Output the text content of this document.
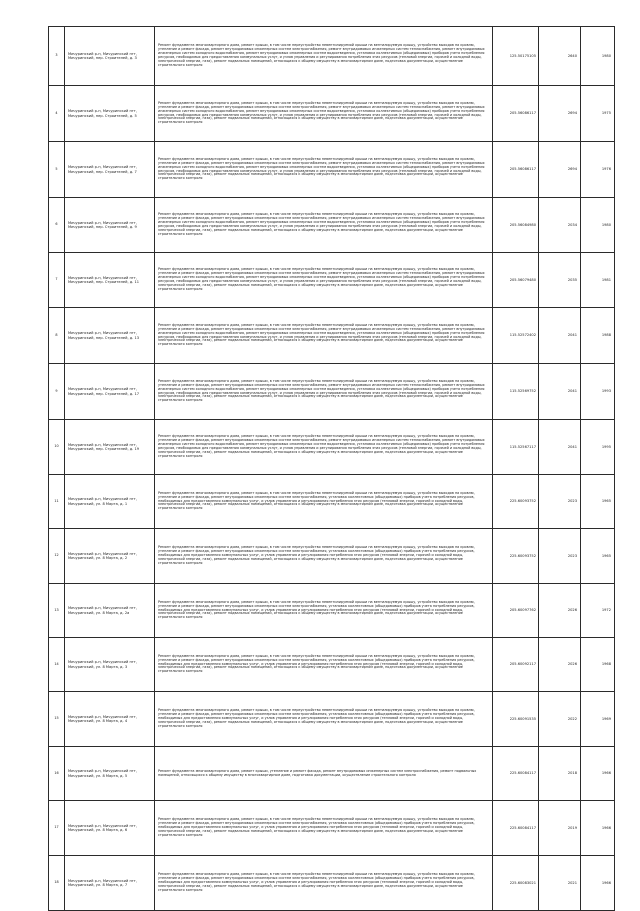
3	Мичуринский р-н, Мичуринский пгт, Мичуринский, пер. Строителей, д. 3	Ремонт фундамента многоквартирного дома, ремонт крыши, в том числе переустройство невентилируемой крыши на вентилируемую крышу, устройство выходов на кровлю, утепление и ремонт фасада, ремонт внутридомовых инженерных систем электроснабжения, ремонт внутридомовых инженерных систем теплоснабжения, ремонт внутридомовых инженерных систем холодного водоснабжения, ремонт внутридомовых инженерных систем водоотведения, установка коллективных (общедомовых) приборов учета потребления ресурсов, необходимых для предоставления коммунальных услуг, и узлов управления и регулирования потребления этих ресурсов (тепловой энергии, горячей и холодной воды, электрической энергии, газа), ремонт подвальных помещений, относящихся к общему имуществу в многоквартирном доме, подготовка документации, осуществление строительного контроля	125.50175105	2640	1980
4	Мичуринский р-н, Мичуринский пгт, Мичуринский, пер. Строителей, д. 5	Ремонт фундамента многоквартирного дома, ремонт крыши, в том числе переустройство невентилируемой крыши на вентилируемую крышу, устройство выходов на кровлю, утепление и ремонт фасада, ремонт внутридомовых инженерных систем электроснабжения, ремонт внутридомовых инженерных систем теплоснабжения, ремонт внутридомовых инженерных систем холодного водоснабжения, ремонт внутридомовых инженерных систем водоотведения, установка коллективных (общедомовых) приборов учета потребления ресурсов, необходимых для предоставления коммунальных услуг, и узлов управления и регулирования потребления этих ресурсов (тепловой энергии, горячей и холодной воды, электрической энергии, газа), ремонт подвальных помещений, относящихся к общему имуществу в многоквартирном доме, подготовка документации, осуществление строительного контроля	205.56086117	2694	1975
5	Мичуринский р-н, Мичуринский пгт, Мичуринский, пер. Строителей, д. 7	Ремонт фундамента многоквартирного дома, ремонт крыши, в том числе переустройство невентилируемой крыши на вентилируемую крышу, устройство выходов на кровлю, утепление и ремонт фасада, ремонт внутридомовых инженерных систем электроснабжения, ремонт внутридомовых инженерных систем теплоснабжения, ремонт внутридомовых инженерных систем холодного водоснабжения, ремонт внутридомовых инженерных систем водоотведения, установка коллективных (общедомовых) приборов учета потребления ресурсов, необходимых для предоставления коммунальных услуг, и узлов управления и регулирования потребления этих ресурсов (тепловой энергии, горячей и холодной воды, электрической энергии, газа), ремонт подвальных помещений, относящихся к общему имуществу в многоквартирном доме, подготовка документации, осуществление строительного контроля	205.56086117	2694	1976
6	Мичуринский р-н, Мичуринский пгт, Мичуринский, пер. Строителей, д. 9	Ремонт фундамента многоквартирного дома, ремонт крыши, в том числе переустройство невентилируемой крыши на вентилируемую крышу, устройство выходов на кровлю, утепление и ремонт фасада, ремонт внутридомовых инженерных систем электроснабжения, ремонт внутридомовых инженерных систем теплоснабжения, ремонт внутридомовых инженерных систем холодного водоснабжения, ремонт внутридомовых инженерных систем водоотведения, установка коллективных (общедомовых) приборов учета потребления ресурсов, необходимых для предоставления коммунальных услуг, и узлов управления и регулирования потребления этих ресурсов (тепловой энергии, горячей и холодной воды, электрической энергии, газа), ремонт подвальных помещений, относящихся к общему имуществу в многоквартирном доме, подготовка документации, осуществление строительного контроля	205.56084980	2034	1980
7	Мичуринский р-н, Мичуринский пгт, Мичуринский, пер. Строителей, д. 11	Ремонт фундамента многоквартирного дома, ремонт крыши, в том числе переустройство невентилируемой крыши на вентилируемую крышу, устройство выходов на кровлю, утепление и ремонт фасада, ремонт внутридомовых инженерных систем электроснабжения, ремонт внутридомовых инженерных систем теплоснабжения, ремонт внутридомовых инженерных систем холодного водоснабжения, ремонт внутридомовых инженерных систем водоотведения, установка коллективных (общедомовых) приборов учета потребления ресурсов, необходимых для предоставления коммунальных услуг, и узлов управления и регулирования потребления этих ресурсов (тепловой энергии, горячей и холодной воды, электрической энергии, газа), ремонт подвальных помещений, относящихся к общему имуществу в многоквартирном доме, подготовка документации, осуществление строительного контроля	205.56079480	2035	1981
8	Мичуринский р-н, Мичуринский пгт, Мичуринский, пер. Строителей, д. 13	Ремонт фундамента многоквартирного дома, ремонт крыши, в том числе переустройство невентилируемой крыши на вентилируемую крышу, устройство выходов на кровлю, утепление и ремонт фасада, ремонт внутридомовых инженерных систем электроснабжения, ремонт внутридомовых инженерных систем теплоснабжения, ремонт внутридомовых инженерных систем холодного водоснабжения, ремонт внутридомовых инженерных систем водоотведения, установка коллективных (общедомовых) приборов учета потребления ресурсов, необходимых для предоставления коммунальных услуг, и узлов управления и регулирования потребления этих ресурсов (тепловой энергии, горячей и холодной воды, электрической энергии, газа), ремонт подвальных помещений, относящихся к общему имуществу в многоквартирном доме, подготовка документации, осуществление строительного контроля	115.52572402	2041	1988
9	Мичуринский р-н, Мичуринский пгт, Мичуринский, пер. Строителей, д. 17	Ремонт фундамента многоквартирного дома, ремонт крыши, в том числе переустройство невентилируемой крыши на вентилируемую крышу, устройство выходов на кровлю, утепление и ремонт фасада, ремонт внутридомовых инженерных систем электроснабжения, ремонт внутридомовых инженерных систем теплоснабжения, ремонт внутридомовых инженерных систем холодного водоснабжения, ремонт внутридомовых инженерных систем водоотведения, установка коллективных (общедомовых) приборов учета потребления ресурсов, необходимых для предоставления коммунальных услуг, и узлов управления и регулирования потребления этих ресурсов (тепловой энергии, горячей и холодной воды, электрической энергии, газа), ремонт подвальных помещений, относящихся к общему имуществу в многоквартирном доме, подготовка документации, осуществление строительного контроля	115.52569752	2041	1993
10	Мичуринский р-н, Мичуринский пгт, Мичуринский, пер. Строителей, д. 19	Ремонт фундамента многоквартирного дома, ремонт крыши, в том числе переустройство невентилируемой крыши на вентилируемую крышу, устройство выходов на кровлю, утепление и ремонт фасада, ремонт внутридомовых инженерных систем электроснабжения, ремонт внутридомовых инженерных систем теплоснабжения, ремонт внутридомовых инженерных систем холодного водоснабжения, ремонт внутридомовых инженерных систем водоотведения, установка коллективных (общедомовых) приборов учета потребления ресурсов, необходимых для предоставления коммунальных услуг, и узлов управления и регулирования потребления этих ресурсов (тепловой энергии, горячей и холодной воды, электрической энергии, газа), ремонт подвальных помещений, относящихся к общему имуществу в многоквартирном доме, подготовка документации, осуществление строительного контроля	115.52567117	2041	1995
11	Мичуринский р-н, Мичуринский пгт, Мичуринский, ул. 8 Марта, д. 1	Ремонт фундамента многоквартирного дома, ремонт крыши, в том числе переустройство невентилируемой крыши на вентилируемую крышу, устройство выходов на кровлю, утепление и ремонт фасада, ремонт внутридомовых инженерных систем электроснабжения, установка коллективных (общедомовых) приборов учета потребления ресурсов, необходимых для предоставления коммунальных услуг, и узлов управления и регулирования потребления этих ресурсов (тепловой энергии, горячей и холодной воды, электрической энергии, газа), ремонт подвальных помещений, относящихся к общему имуществу в многоквартирном доме, подготовка документации, осуществление строительного контроля	225.60093752	2023	1965
12	Мичуринский р-н, Мичуринский пгт, Мичуринский, ул. 8 Марта, д. 2	Ремонт фундамента многоквартирного дома, ремонт крыши, в том числе переустройство невентилируемой крыши на вентилируемую крышу, устройство выходов на кровлю, утепление и ремонт фасада, ремонт внутридомовых инженерных систем электроснабжения, установка коллективных (общедомовых) приборов учета потребления ресурсов, необходимых для предоставления коммунальных услуг, и узлов управления и регулирования потребления этих ресурсов (тепловой энергии, горячей и холодной воды, электрической энергии, газа), ремонт подвальных помещений, относящихся к общему имуществу в многоквартирном доме, подготовка документации, осуществление строительного контроля	225.60093752	2023	1965
13	Мичуринский р-н, Мичуринский пгт, Мичуринский, ул. 8 Марта, д. 2а	Ремонт фундамента многоквартирного дома, ремонт крыши, в том числе переустройство невентилируемой крыши на вентилируемую крышу, устройство выходов на кровлю, утепление и ремонт фасада, ремонт внутридомовых инженерных систем электроснабжения, установка коллективных (общедомовых) приборов учета потребления ресурсов, необходимых для предоставления коммунальных услуг, и узлов управления и регулирования потребления этих ресурсов (тепловой энергии, горячей и холодной воды, электрической энергии, газа), ремонт подвальных помещений, относящихся к общему имуществу в многоквартирном доме, подготовка документации, осуществление строительного контроля	205.60097762	2026	1972
14	Мичуринский р-н, Мичуринский пгт, Мичуринский, ул. 8 Марта, д. 3	Ремонт фундамента многоквартирного дома, ремонт крыши, в том числе переустройство невентилируемой крыши на вентилируемую крышу, устройство выходов на кровлю, утепление и ремонт фасада, ремонт внутридомовых инженерных систем электроснабжения, установка коллективных (общедомовых) приборов учета потребления ресурсов, необходимых для предоставления коммунальных услуг, и узлов управления и регулирования потребления этих ресурсов (тепловой энергии, горячей и холодной воды, электрической энергии, газа), ремонт подвальных помещений, относящихся к общему имуществу в многоквартирном доме, подготовка документации, осуществление строительного контроля	205.60092117	2026	1968
15	Мичуринский р-н, Мичуринский пгт, Мичуринский, ул. 8 Марта, д. 4	Ремонт фундамента многоквартирного дома, ремонт крыши, в том числе переустройство невентилируемой крыши на вентилируемую крышу, устройство выходов на кровлю, утепление и ремонт фасада, ремонт внутридомовых инженерных систем электроснабжения, установка коллективных (общедомовых) приборов учета потребления ресурсов, необходимых для предоставления коммунальных услуг, и узлов управления и регулирования потребления этих ресурсов (тепловой энергии, горячей и холодной воды, электрической энергии, газа), ремонт подвальных помещений, относящихся к общему имуществу в многоквартирном доме, подготовка документации, осуществление строительного контроля	225.60091535	2022	1969
16	Мичуринский р-н, Мичуринский пгт, Мичуринский, ул. 8 Марта, д. 5	Ремонт фундамента многоквартирного дома, ремонт крыши, утепление и ремонт фасада, ремонт внутридомовых инженерных систем электроснабжения, ремонт подвальных помещений, относящихся к общему имуществу в многоквартирном доме, подготовка документации, осуществление строительного контроля	225.60084117	2018	1966
17	Мичуринский р-н, Мичуринский пгт, Мичуринский, ул. 8 Марта, д. 6	Ремонт фундамента многоквартирного дома, ремонт крыши, в том числе переустройство невентилируемой крыши на вентилируемую крышу, устройство выходов на кровлю, утепление и ремонт фасада, ремонт внутридомовых инженерных систем электроснабжения, установка коллективных (общедомовых) приборов учета потребления ресурсов, необходимых для предоставления коммунальных услуг, и узлов управления и регулирования потребления этих ресурсов (тепловой энергии, горячей и холодной воды, электрической энергии, газа), ремонт подвальных помещений, относящихся к общему имуществу в многоквартирном доме, подготовка документации, осуществление строительного контроля	225.60084117	2019	1966
18	Мичуринский р-н, Мичуринский пгт, Мичуринский, ул. 8 Марта, д. 7	Ремонт фундамента многоквартирного дома, ремонт крыши, в том числе переустройство невентилируемой крыши на вентилируемую крышу, устройство выходов на кровлю, утепление и ремонт фасада, ремонт внутридомовых инженерных систем электроснабжения, установка коллективных (общедомовых) приборов учета потребления ресурсов, необходимых для предоставления коммунальных услуг, и узлов управления и регулирования потребления этих ресурсов (тепловой энергии, горячей и холодной воды, электрической энергии, газа), ремонт подвальных помещений, относящихся к общему имуществу в многоквартирном доме, подготовка документации, осуществление строительного контроля	225.60083021	2021	1966
